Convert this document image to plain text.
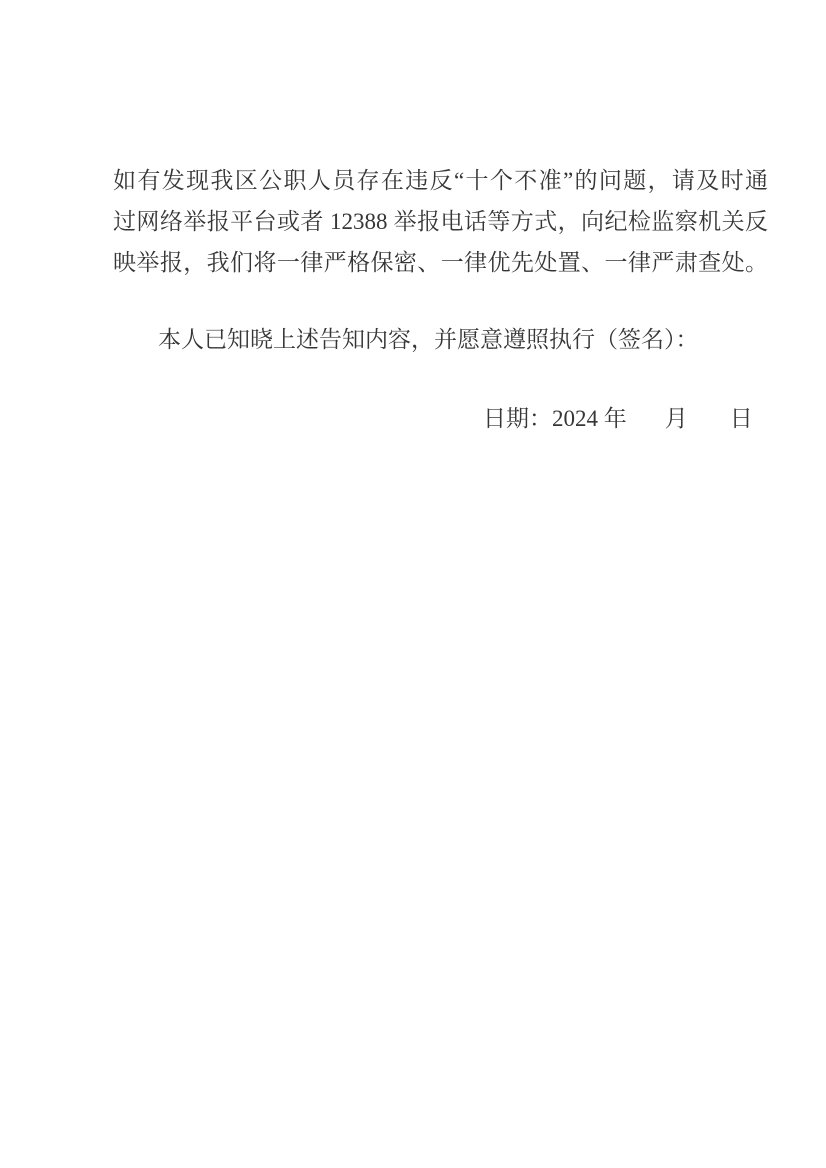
如有发现我区公职人员存在违反“十个不准”的问题，请及时通
过网络举报平台或者 12388 举报电话等方式，向纪检监察机关反
映举报，我们将一律严格保密、一律优先处置、一律严肃查处。
本人已知晓上述告知内容，并愿意遵照执行（签名）：
日期：2024 年 月 日
